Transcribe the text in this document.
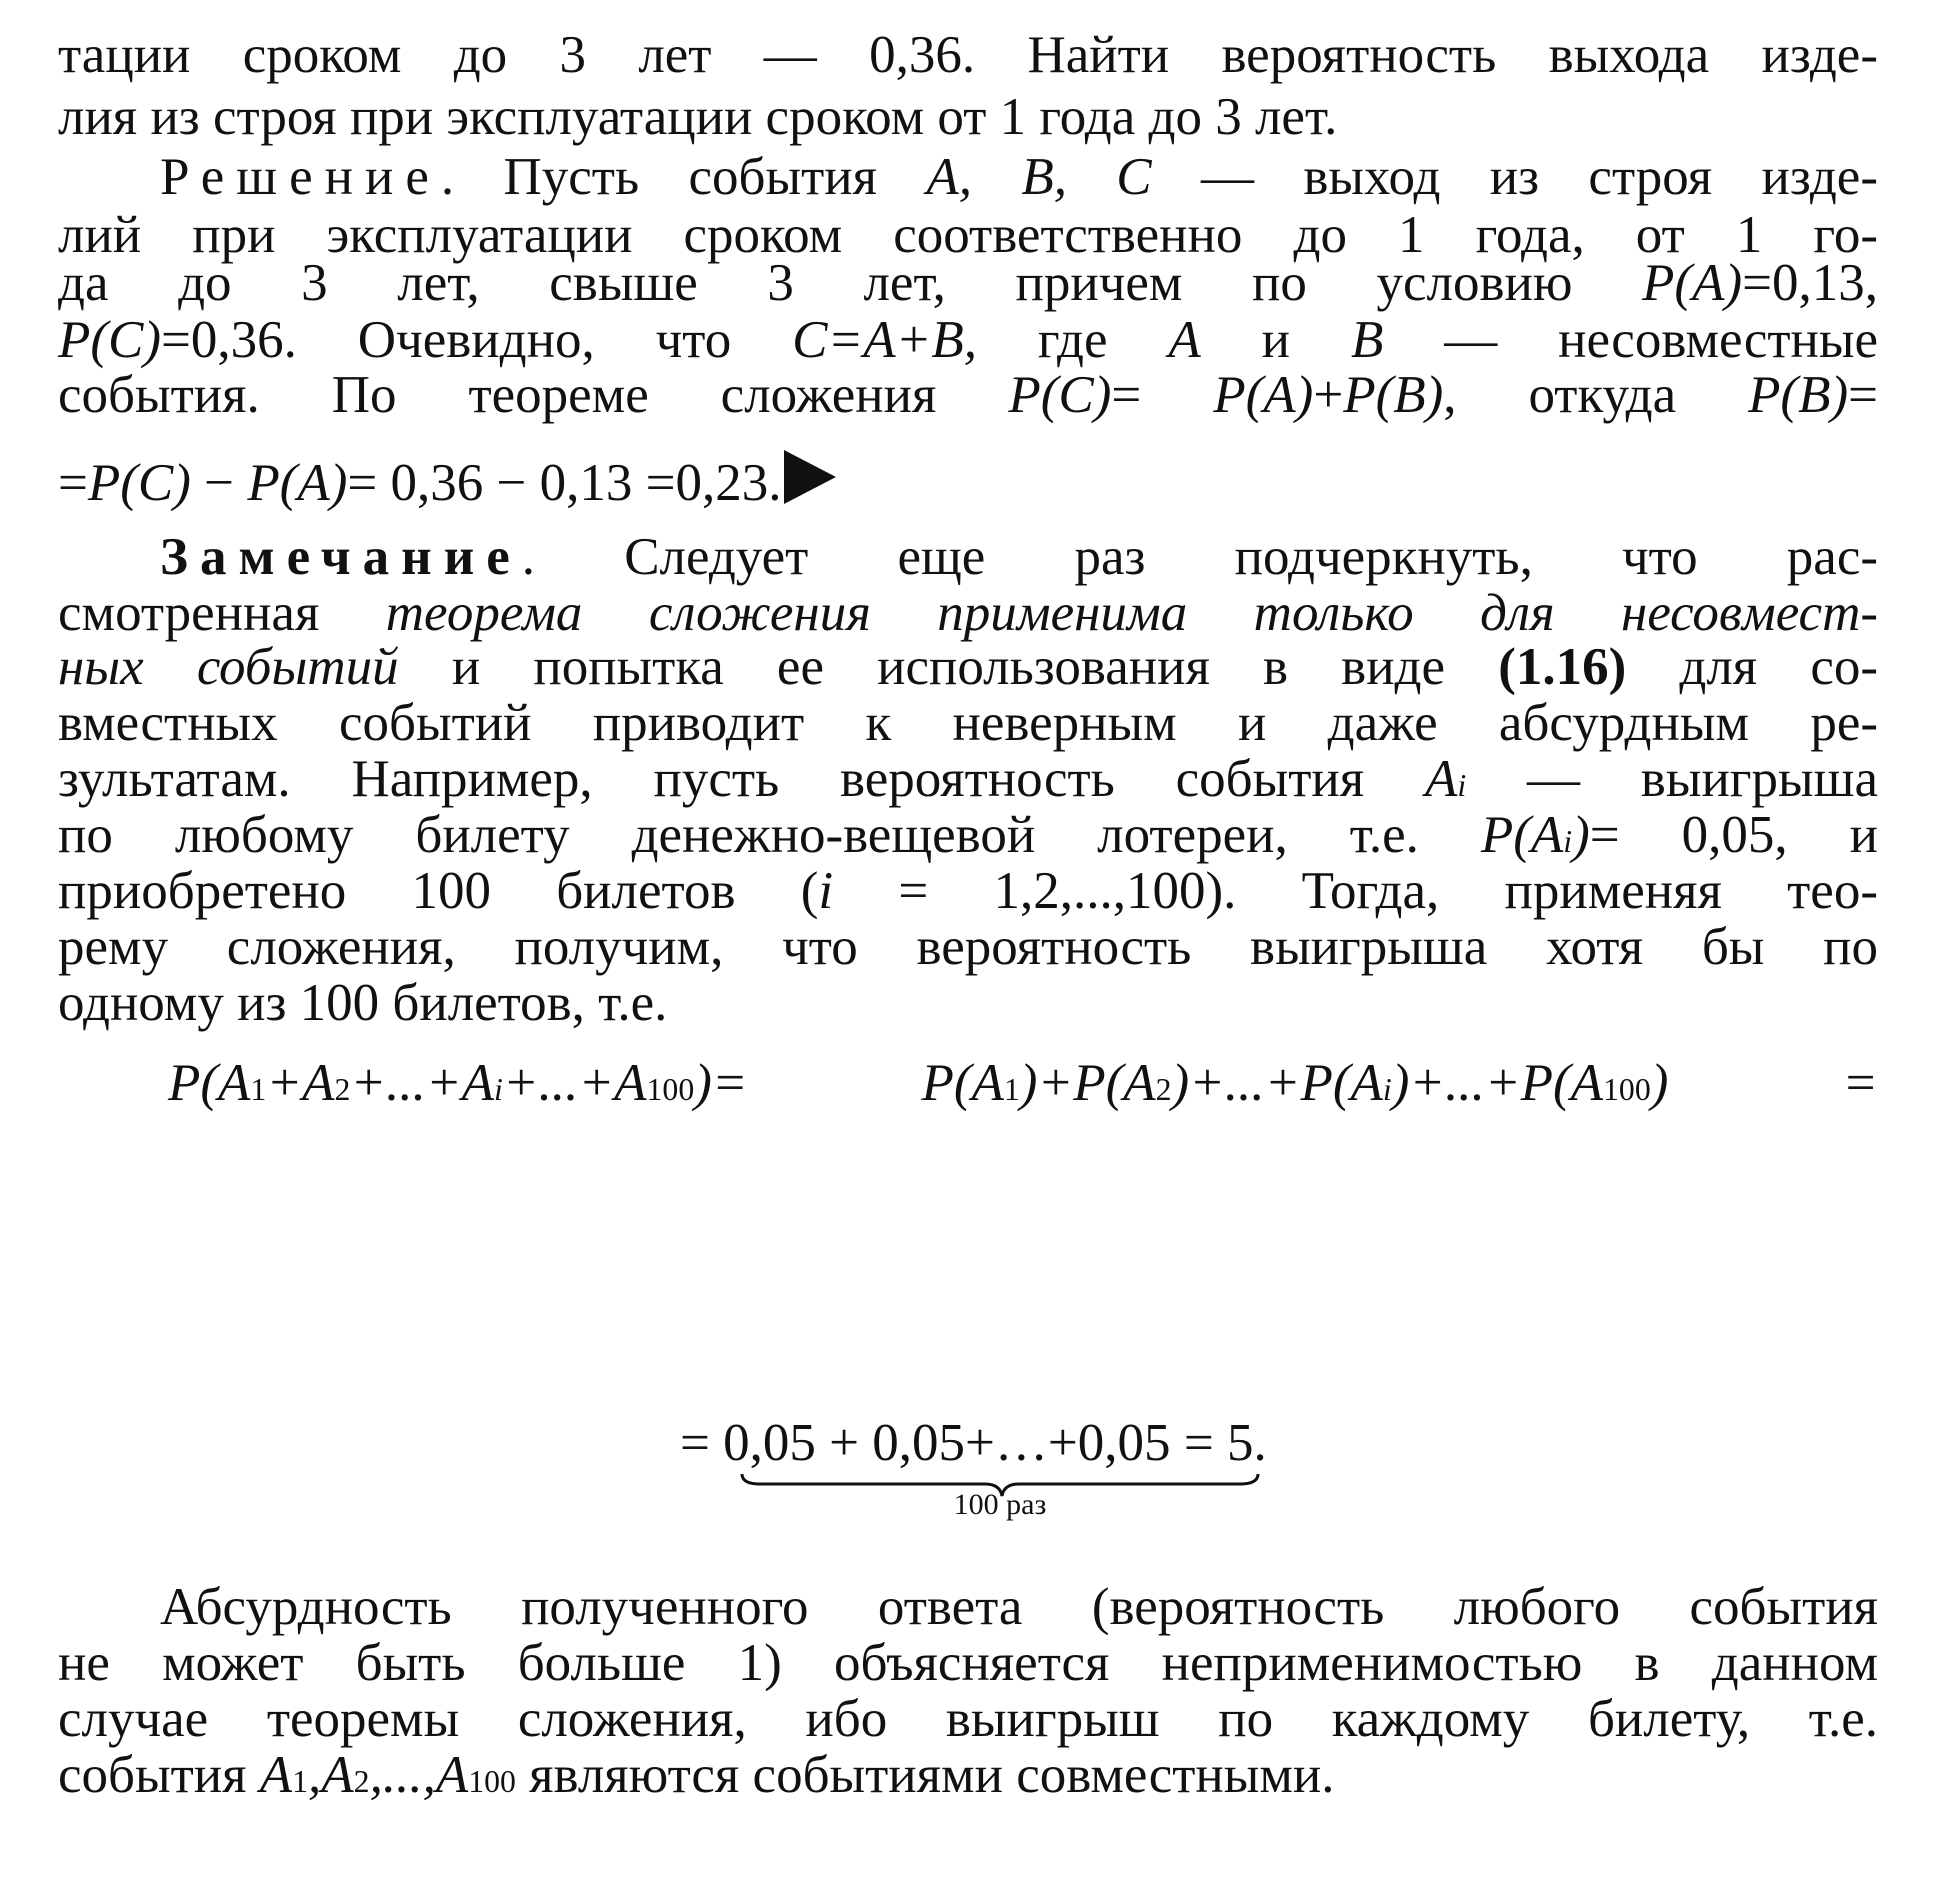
тации сроком до 3 лет — 0,36. Найти вероятность выхода изде-
лия из строя при эксплуатации сроком от 1 года до 3 лет.
Решение. Пусть события A, B, C — выход из строя изде-
лий при эксплуатации сроком соответственно до 1 года, от 1 го-
да до 3 лет, свыше 3 лет, причем по условию P(A)=0,13,
P(C)=0,36. Очевидно, что C=A+B, где A и B — несовместные
события. По теореме сложения P(C)= P(A)+P(B), откуда P(B)=
=P(C) − P(A)= 0,36 − 0,13 =0,23.
Замечание. Следует еще раз подчеркнуть, что рас-
смотренная теорема сложения применима только для несовмест-
ных событий и попытка ее использования в виде (1.16) для со-
вместных событий приводит к неверным и даже абсурдным ре-
зультатам. Например, пусть вероятность события $A_i$ — выигрыша
по любому билету денежно-вещевой лотереи, т.е. $P(A_i)= 0,05$, и
приобретено 100 билетов (i = 1,2,...,100). Тогда, применяя тео-
рему сложения, получим, что вероятность выигрыша хотя бы по
одному из 100 билетов, т.е.
$P(A_1+A_2+...+A_i+...+A_{100})= P(A_1)+P(A_2)+...+P(A_i)+...+P(A_{100})$ =
= 0,05 + 0,05+…+0,05 = 5.
100 раз
Абсурдность полученного ответа (вероятность любого события
не может быть больше 1) объясняется неприменимостью в данном
случае теоремы сложения, ибо выигрыш по каждому билету, т.е.
события $A_1,A_2,...,A_{100}$ являются событиями совместными.
